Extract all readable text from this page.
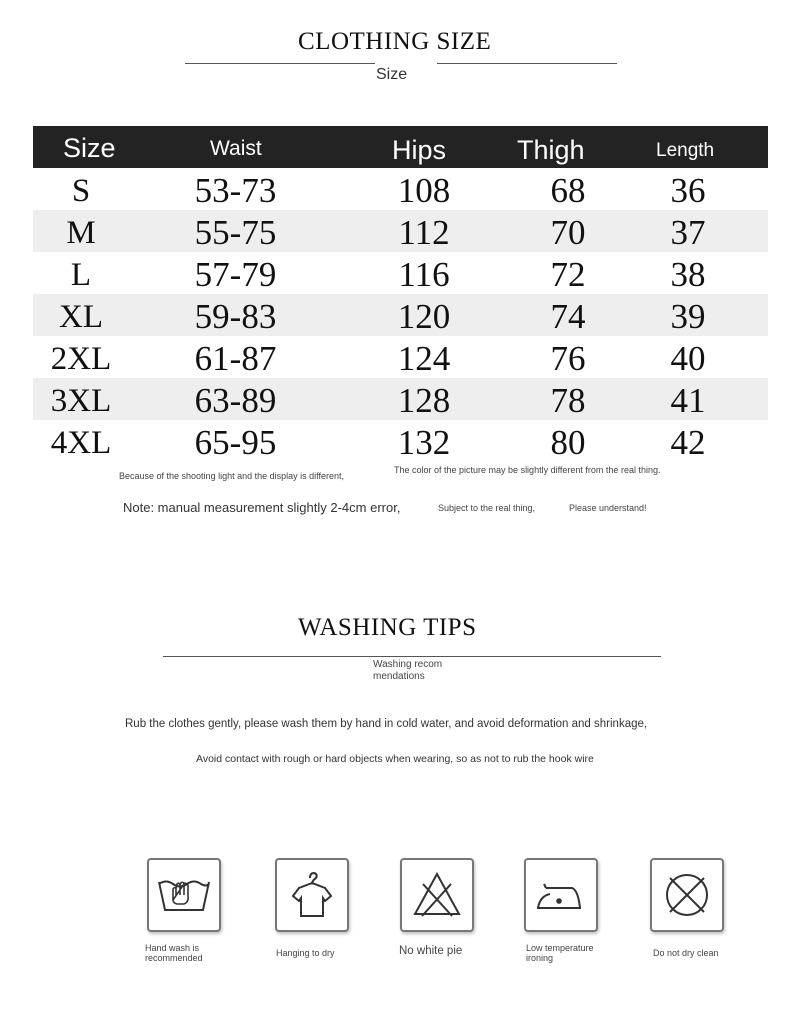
CLOTHING SIZE
Size
Size	Waist	Hips	Thigh	Length
S	53-73	108	68	36
M	55-75	112	70	37
L	57-79	116	72	38
XL	59-83	120	74	39
2XL	61-87	124	76	40
3XL	63-89	128	78	41
4XL	65-95	132	80	42
Because of the shooting light and the display is different,
The color of the picture may be slightly different from the real thing.
Note: manual measurement slightly 2-4cm error,	Subject to the real thing,	Please understand!
WASHING TIPS
Washing recom mendations
Rub the clothes gently, please wash them by hand in cold water, and avoid deformation and shrinkage,
Avoid contact with rough or hard objects when wearing, so as not to rub the hook wire
Hand wash is recommended	Hanging to dry	No white pie	Low temperature ironing	Do not dry clean
